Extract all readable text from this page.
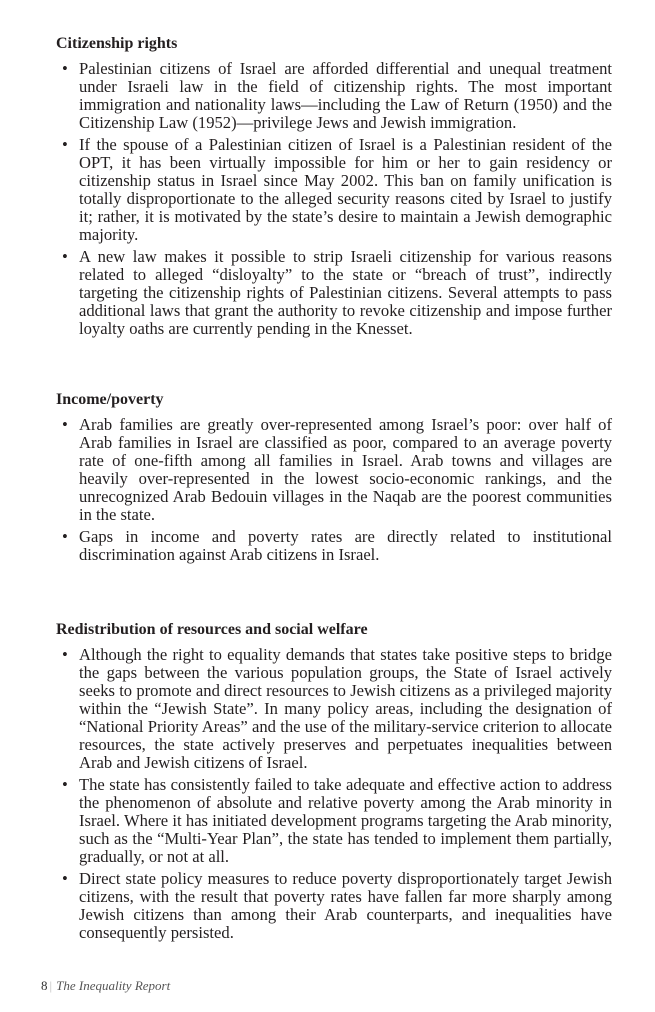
Citizenship rights
• Palestinian citizens of Israel are afforded differential and unequal treatment under Israeli law in the field of citizenship rights. The most important immigration and nationality laws—including the Law of Return (1950) and the Citizenship Law (1952)—privilege Jews and Jewish immigration.
• If the spouse of a Palestinian citizen of Israel is a Palestinian resident of the OPT, it has been virtually impossible for him or her to gain residency or citizenship status in Israel since May 2002. This ban on family unification is totally disproportionate to the alleged security reasons cited by Israel to justify it; rather, it is motivated by the state’s desire to maintain a Jewish demographic majority.
• A new law makes it possible to strip Israeli citizenship for various reasons related to alleged “disloyalty” to the state or “breach of trust”, indirectly targeting the citizenship rights of Palestinian citizens. Several attempts to pass additional laws that grant the authority to revoke citizenship and impose further loyalty oaths are currently pending in the Knesset.
Income/poverty
• Arab families are greatly over-represented among Israel’s poor: over half of Arab families in Israel are classified as poor, compared to an average poverty rate of one-fifth among all families in Israel. Arab towns and villages are heavily over-represented in the lowest socio-economic rankings, and the unrecognized Arab Bedouin villages in the Naqab are the poorest communities in the state.
• Gaps in income and poverty rates are directly related to institutional discrimination against Arab citizens in Israel.
Redistribution of resources and social welfare
• Although the right to equality demands that states take positive steps to bridge the gaps between the various population groups, the State of Israel actively seeks to promote and direct resources to Jewish citizens as a privileged majority within the “Jewish State”. In many policy areas, including the designation of “National Priority Areas” and the use of the military-service criterion to allocate resources, the state actively preserves and perpetuates inequalities between Arab and Jewish citizens of Israel.
• The state has consistently failed to take adequate and effective action to address the phenomenon of absolute and relative poverty among the Arab minority in Israel. Where it has initiated development programs targeting the Arab minority, such as the “Multi-Year Plan”, the state has tended to implement them partially, gradually, or not at all.
• Direct state policy measures to reduce poverty disproportionately target Jewish citizens, with the result that poverty rates have fallen far more sharply among Jewish citizens than among their Arab counterparts, and inequalities have consequently persisted.
8 | The Inequality Report
